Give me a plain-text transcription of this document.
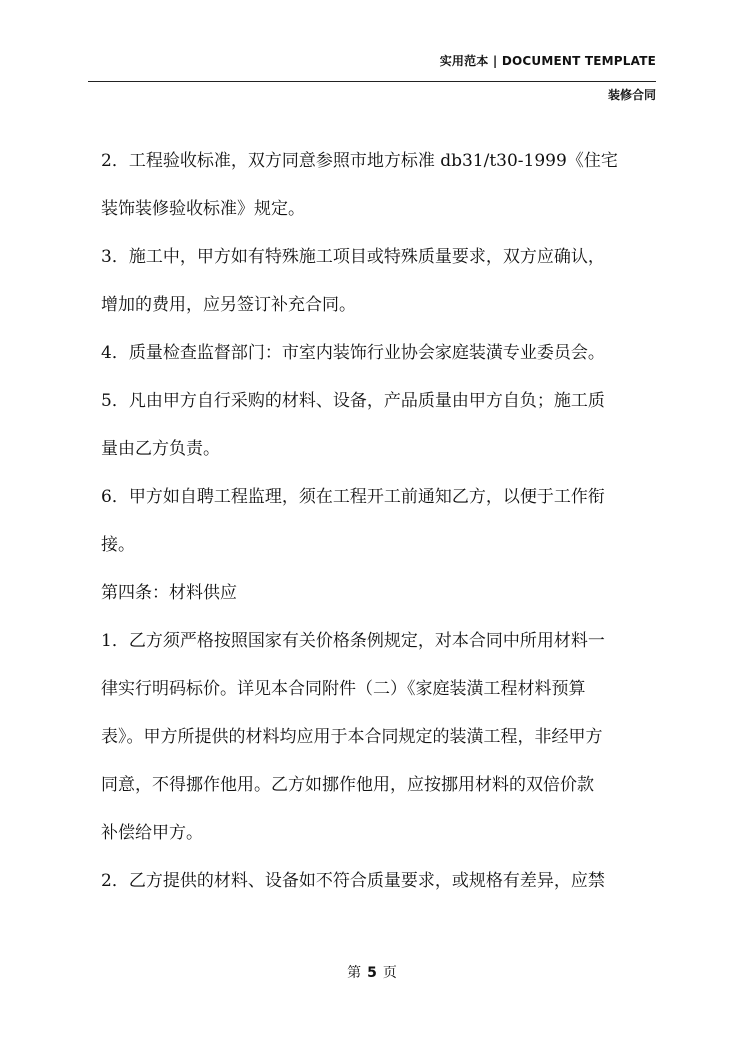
实用范本 | DOCUMENT TEMPLATE
装修合同
2．工程验收标准，双方同意参照市地方标准 db31/t30-1999《住宅
装饰装修验收标准》规定。
3．施工中，甲方如有特殊施工项目或特殊质量要求，双方应确认，
增加的费用，应另签订补充合同。
4．质量检查监督部门：市室内装饰行业协会家庭装潢专业委员会。
5．凡由甲方自行采购的材料、设备，产品质量由甲方自负；施工质
量由乙方负责。
6．甲方如自聘工程监理，须在工程开工前通知乙方，以便于工作衔
接。
第四条：材料供应
1．乙方须严格按照国家有关价格条例规定，对本合同中所用材料一
律实行明码标价。详见本合同附件（二）《家庭装潢工程材料预算
表》。甲方所提供的材料均应用于本合同规定的装潢工程，非经甲方
同意，不得挪作他用。乙方如挪作他用，应按挪用材料的双倍价款
补偿给甲方。
2．乙方提供的材料、设备如不符合质量要求，或规格有差异，应禁
第 5 页
